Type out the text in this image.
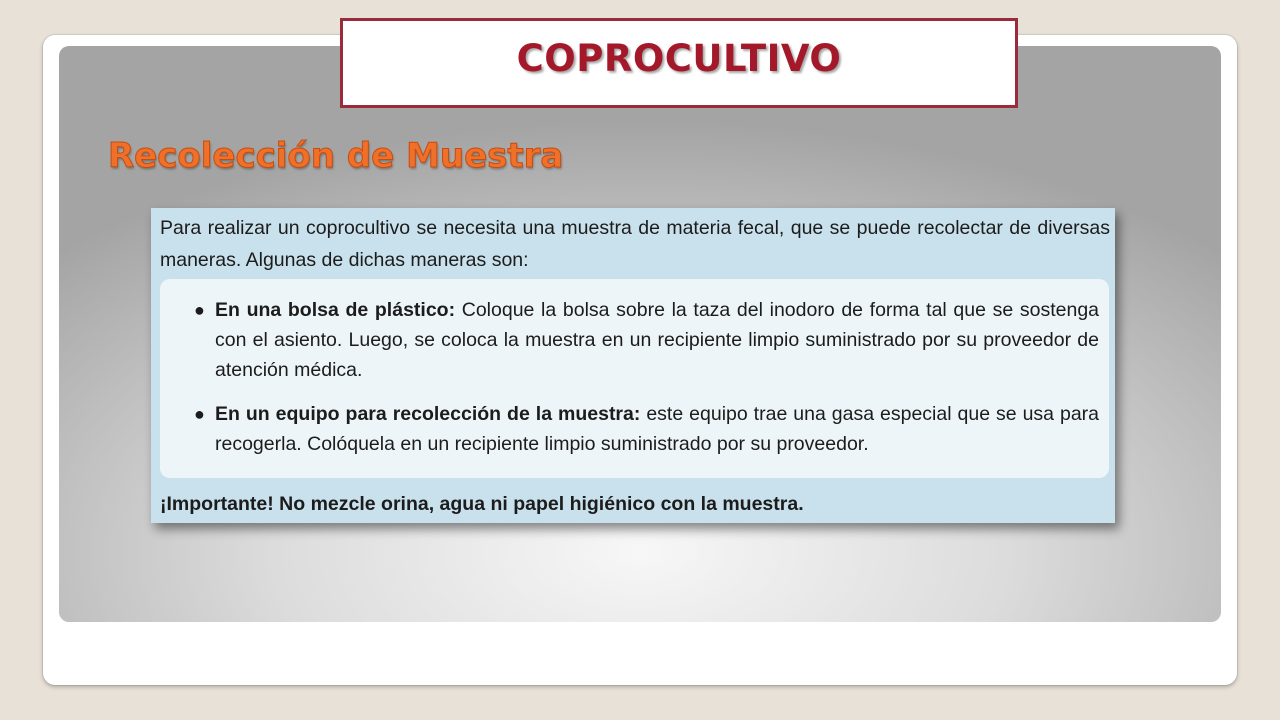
COPROCULTIVO
Recolección de Muestra

Para realizar un coprocultivo se necesita una muestra de materia fecal, que se puede recolectar de diversas maneras. Algunas de dichas maneras son:

● En una bolsa de plástico: Coloque la bolsa sobre la taza del inodoro de forma tal que se sostenga con el asiento. Luego, se coloca la muestra en un recipiente limpio suministrado por su proveedor de atención médica.

● En un equipo para recolección de la muestra: este equipo trae una gasa especial que se usa para recogerla. Colóquela en un recipiente limpio suministrado por su proveedor.

¡Importante! No mezcle orina, agua ni papel higiénico con la muestra.
